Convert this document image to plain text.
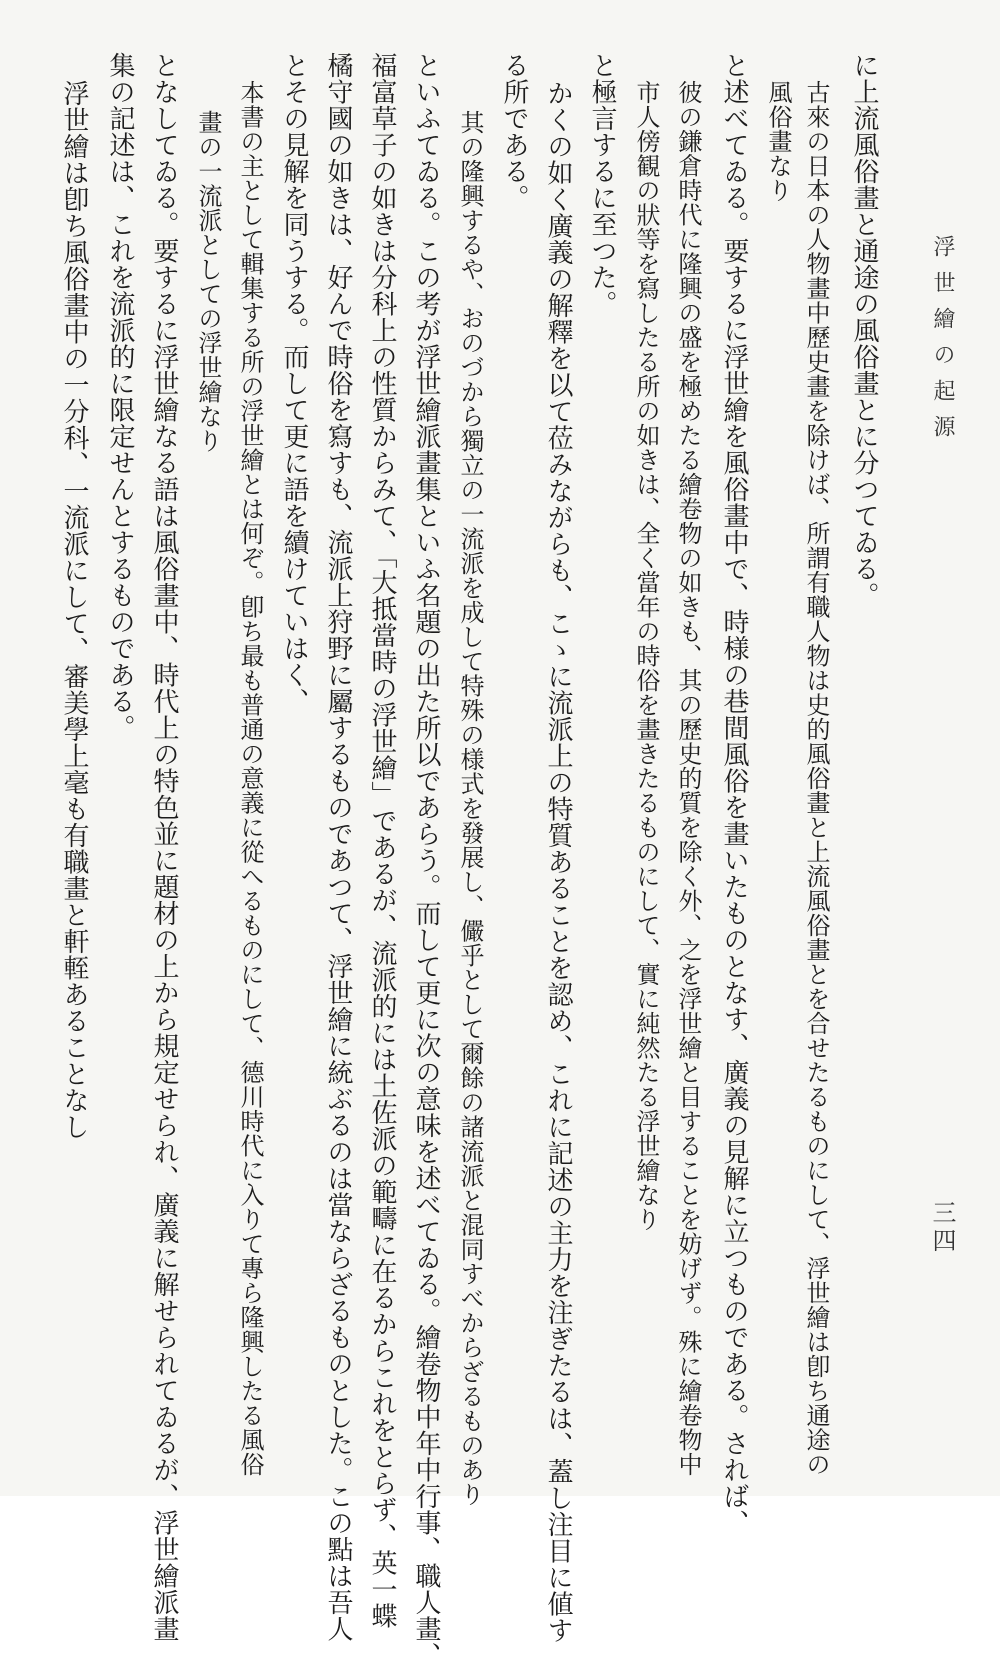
浮世繪の起源
三四
に上流風俗畫と通途の風俗畫とに分つてゐる。
古來の日本の人物畫中歷史畫を除けば、所謂有職人物は史的風俗畫と上流風俗畫とを合せたるものにして、浮世繪は卽ち通途の
風俗畫なり
と述べてゐる。要するに浮世繪を風俗畫中で、時様の巷間風俗を畫いたものとなす、廣義の見解に立つものである。されば、
彼の鎌倉時代に隆興の盛を極めたる繪卷物の如きも、其の歷史的質を除く外、之を浮世繪と目することを妨げず。殊に繪卷物中
市人傍観の狀等を寫したる所の如きは、全く當年の時俗を畫きたるものにして、實に純然たる浮世繪なり
と極言するに至つた。
かくの如く廣義の解釋を以て莅みながらも、こゝに流派上の特質あることを認め、これに記述の主力を注ぎたるは、蓋し注目に値す
る所である。
其の隆興するや、おのづから獨立の一流派を成して特殊の様式を發展し、儼乎として爾餘の諸流派と混同すべからざるものあり
といふてゐる。この考が浮世繪派畫集といふ名題の出た所以であらう。而して更に次の意味を述べてゐる。繪卷物中年中行事、職人畫、
福富草子の如きは分科上の性質からみて、「大抵當時の浮世繪」であるが、流派的には土佐派の範疇に在るからこれをとらず、英一蝶
橘守國の如きは、好んで時俗を寫すも、流派上狩野に屬するものであつて、浮世繪に統ぶるのは當ならざるものとした。この點は吾人
とその見解を同うする。而して更に語を續けていはく、
本書の主として輯集する所の浮世繪とは何ぞ。卽ち最も普通の意義に從へるものにして、德川時代に入りて專ら隆興したる風俗
畫の一流派としての浮世繪なり
となしてゐる。要するに浮世繪なる語は風俗畫中、時代上の特色並に題材の上から規定せられ、廣義に解せられてゐるが、浮世繪派畫
集の記述は、これを流派的に限定せんとするものである。
浮世繪は卽ち風俗畫中の一分科、一流派にして、審美學上毫も有職畫と軒輊あることなし
